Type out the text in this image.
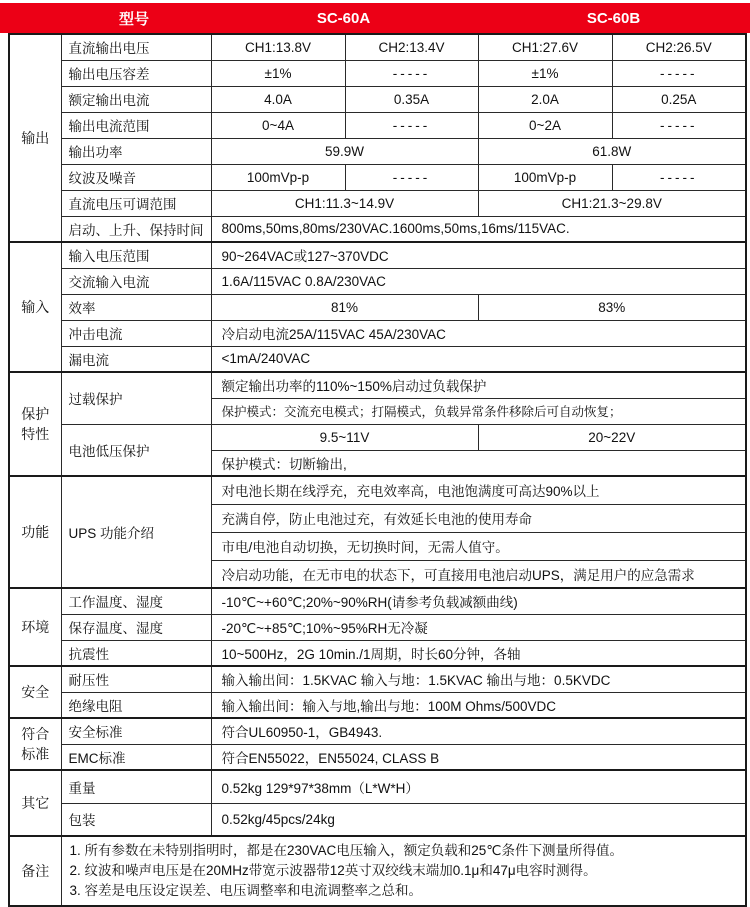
型号	SC-60A	SC-60B
输出	直流输出电压	CH1:13.8V	CH2:13.4V	CH1:27.6V	CH2:26.5V
	输出电压容差	±1%	-----	±1%	-----
	额定输出电流	4.0A	0.35A	2.0A	0.25A
	输出电流范围	0~4A	-----	0~2A	-----
	输出功率	59.9W		61.8W	
	纹波及噪音	100mVp-p	-----	100mVp-p	-----
	直流电压可调范围	CH1:11.3~14.9V		CH1:21.3~29.8V	
	启动、上升、保持时间	800ms,50ms,80ms/230VAC.1600ms,50ms,16ms/115VAC.			
输入	输入电压范围	90~264VAC或127~370VDC			
	交流输入电流	1.6A/115VAC 0.8A/230VAC			
	效率	81%		83%	
	冲击电流	冷启动电流25A/115VAC 45A/230VAC			
	漏电流	<1mA/240VAC			
保护特性	过载保护	额定输出功率的110%~150%启动过负载保护			
		保护模式：交流充电模式；打隔模式，负载异常条件移除后可自动恢复；			
	电池低压保护	9.5~11V		20~22V	
		保护模式：切断输出,			
功能	UPS 功能介绍	对电池长期在线浮充，充电效率高，电池饱满度可高达90%以上			
		充满自停，防止电池过充，有效延长电池的使用寿命			
		市电/电池自动切换，无切换时间，无需人值守。			
		冷启动功能，在无市电的状态下，可直接用电池启动UPS，满足用户的应急需求			
环境	工作温度、湿度	-10℃~+60℃;20%~90%RH(请参考负载减额曲线)			
	保存温度、湿度	-20℃~+85℃;10%~95%RH无冷凝			
	抗震性	10~500Hz，2G 10min./1周期，时长60分钟，各轴			
安全	耐压性	输入输出间：1.5KVAC 输入与地：1.5KVAC 输出与地：0.5KVDC			
	绝缘电阻	输入输出间：输入与地,输出与地：100M Ohms/500VDC			
符合标准	安全标准	符合UL60950-1，GB4943.			
	EMC标准	符合EN55022，EN55024, CLASS B			
其它	重量	0.52kg 129*97*38mm（L*W*H）			
	包装	0.52kg/45pcs/24kg			
备注	1. 所有参数在未特别指明时，都是在230VAC电压输入，额定负载和25℃条件下测量所得值。
2. 纹波和噪声电压是在20MHz带宽示波器带12英寸双绞线末端加0.1μ和47μ电容时测得。
3. 容差是电压设定误差、电压调整率和电流调整率之总和。				
